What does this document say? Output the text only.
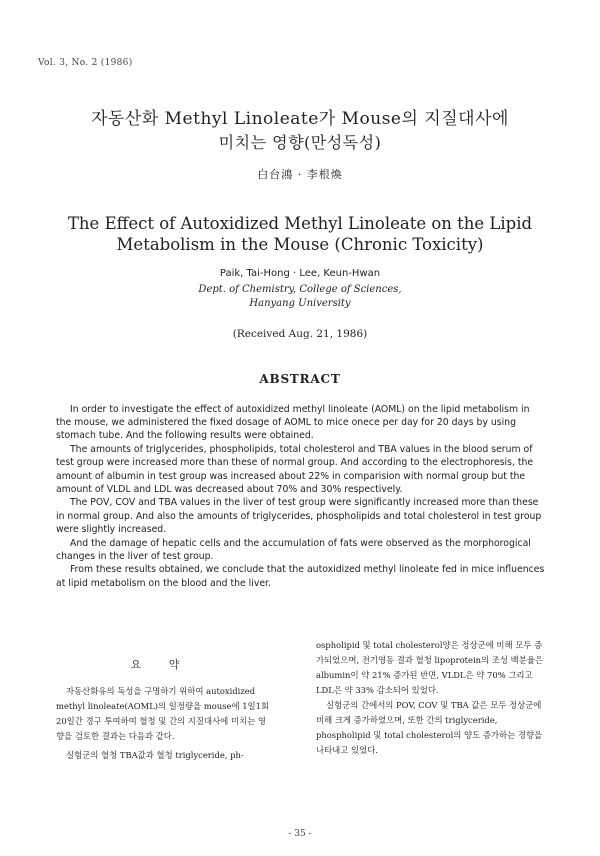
Vol. 3, No. 2 (1986)
자동산화 Methyl Linoleate가 Mouse의 지질대사에
미치는 영향(만성독성)
白台鴻 · 李根煥
The Effect of Autoxidized Methyl Linoleate on the Lipid
Metabolism in the Mouse (Chronic Toxicity)
Paik, Tai-Hong · Lee, Keun-Hwan
Dept. of Chemistry, College of Sciences,
Hanyang University
(Received Aug. 21, 1986)
ABSTRACT

In order to investigate the effect of autoxidized methyl linoleate (AOML) on the lipid metabolism in the mouse, we administered the fixed dosage of AOML to mice onece per day for 20 days by using stomach tube. And the following results were obtained.

The amounts of triglycerides, phospholipids, total cholesterol and TBA values in the blood serum of test group were increased more than these of normal group. And according to the electrophoresis, the amount of albumin in test group was increased about 22% in comparision with normal group but the amount of VLDL and LDL was decreased about 70% and 30% respectively.

The POV, COV and TBA values in the liver of test group were significantly increased more than these in normal group. And also the amounts of triglycerides, phospholipids and total cholesterol in test group were slightly increased.

And the damage of hepatic cells and the accumulation of fats were observed as the morphorogical changes in the liver of test group.

From these results obtained, we conclude that the autoxidized methyl linoleate fed in mice influences at lipid metabolism on the blood and the liver.

요 약

자동산화유의 독성을 구명하기 위하여 autoxidized methyl linoleate(AOML)의 일정량을 mouse에 1일1회 20일간 경구 투여하여 혈청 및 간의 지질대사에 미치는 영향을 검토한 결과는 다음과 같다.

실험군의 혈청 TBA값과 혈청 triglyceride, ph-

ospholipid 및 total cholesterol양은 정상군에 비해 모두 증가되었으며, 전기영동 결과 혈청 lipoprotein의 조성 백분율은 albumin이 약 21% 증가된 반면, VLDL은 약 70% 그리고 LDL은 약 33% 감소되어 있었다.

실험군의 간에서의 POV, COV 및 TBA 값은 모두 정상군에 비해 크게 증가하였으며, 또한 간의 triglyceride, phospholipid 및 total cholesterol의 양도 증가하는 경향을 나타내고 있었다.

- 35 -
